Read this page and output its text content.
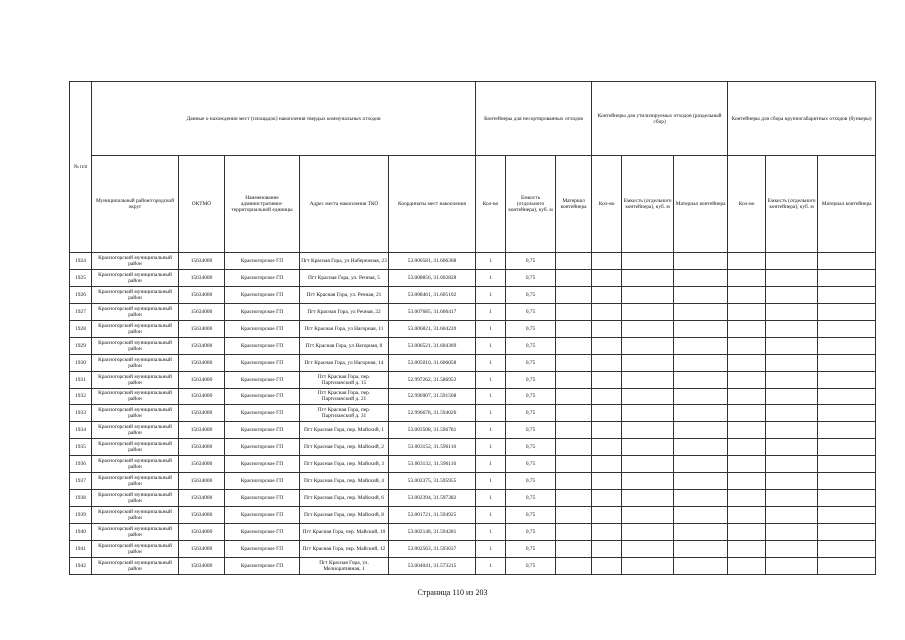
№ п/п	Данные о нахождении мест (площадок) накопления твердых коммунальных отходов					Контейнеры для несортированных отходов			Контейнеры для утилизируемых отходов (раздельный сбор)			Контейнеры для сбора крупногабаритных отходов (бункеры)		
	Муниципальный район/городской округ	ОКТМО	Наименование административно-территориальной единицы	Адрес места накопления ТКО	Координаты мест накопления	Кол-во	Емкость (отдельного контейнера), куб. м	Материал контейнера	Кол-во	Емкость (отдельного контейнера), куб. м	Материал контейнера	Кол-во	Емкость (отдельного контейнера), куб. м	Материал контейнера
1924	Красногорский муниципальный район	15634000	Красногорское ГП	Пгт Красная Гора, ул Набережная, 23	53.006581, 31.606368	1	0,75							
1925	Красногорский муниципальный район	15634000	Красногорское ГП	Пгт Красная Гора, ул. Речная, 5	53.008856, 31.602828	1	0,75							
1926	Красногорский муниципальный район	15634000	Красногорское ГП	Пгт Красная Гора, ул. Речная, 21	53.008461, 31.605102	1	0,75							
1927	Красногорский муниципальный район	15634000	Красногорское ГП	Пгт Красная Гора, ул Речная, 22	53.007685, 31.606417	1	0,75							
1928	Красногорский муниципальный район	15634000	Красногорское ГП	Пгт Красная Гора, ул Нагорная, 11	53.006821, 31.604220	1	0,75							
1929	Красногорский муниципальный район	15634000	Красногорское ГП	Пгт Красная Гора, ул Нагорная, 8	53.006521, 31.604369	1	0,75							
1930	Красногорский муниципальный район	15634000	Красногорское ГП	Пгт Красная Гора, ул Нагорная, 14	53.005010, 31.606058	1	0,75							
1931	Красногорский муниципальный район	15634000	Красногорское ГП	Пгт Красная Гора, пер. Партизанский д. 15	52.997262, 31.586953	1	0,75							
1932	Красногорский муниципальный район	15634000	Красногорское ГП	Пгт Красная Гора, пер. Партизанский д. 21	52.996907, 31.591508	1	0,75							
1933	Красногорский муниципальный район	15634000	Красногорское ГП	Пгт Красная Гора, пер. Партизанский д. 31	52.996678, 31.594026	1	0,75							
1934	Красногорский муниципальный район	15634000	Красногорское ГП	Пгт Красная Гора, пер. Майский, 1	53.003508, 31.596781	1	0,75							
1935	Красногорский муниципальный район	15634000	Красногорское ГП	Пгт Красная Гора, пер. Майский, 2	53.003152, 31.596116	1	0,75							
1936	Красногорский муниципальный район	15634000	Красногорское ГП	Пгт Красная Гора, пер. Майский, 3	53.003132, 31.596116	1	0,75							
1937	Красногорский муниципальный район	15634000	Красногорское ГП	Пгт Красная Гора, пер. Майский, 4	53.002375, 31.595955	1	0,75							
1938	Красногорский муниципальный район	15634000	Красногорское ГП	Пгт Красная Гора, пер. Майский, 6	53.002394, 31.597382	1	0,75							
1939	Красногорский муниципальный район	15634000	Красногорское ГП	Пгт Красная Гора, пер. Майский, 8	53.001721, 31.594925	1	0,75							
1940	Красногорский муниципальный район	15634000	Красногорское ГП	Пгт Красная Гора, пер. Майский, 10	53.002148, 31.594281	1	0,75							
1941	Красногорский муниципальный район	15634000	Красногорское ГП	Пгт Красная Гора, пер. Майский, 12	53.002563, 31.593637	1	0,75							
1942	Красногорский муниципальный район	15634000	Красногорское ГП	Пгт Красная Гора, ул. Мелиоративная, 1	53.004041, 31.573215	1	0,75							
Страница 110 из 203
